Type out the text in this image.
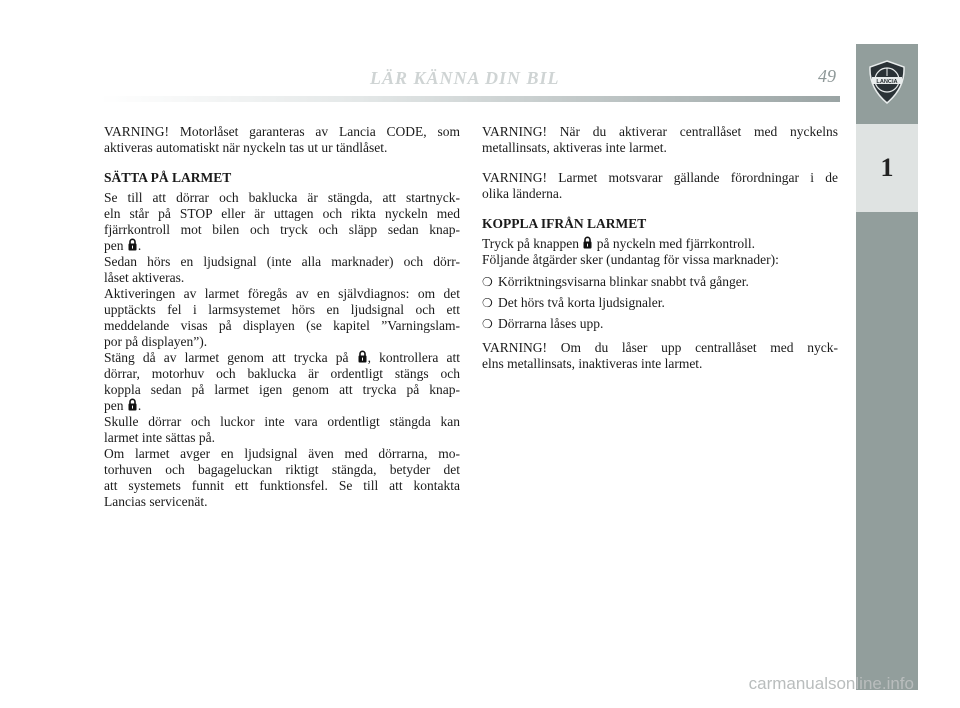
LÄR KÄNNA DIN BIL	49	LANCIA
1

VARNING! Motorlåset garanteras av Lancia CODE, som
aktiveras automatiskt när nyckeln tas ut ur tändlåset.

SÄTTA PÅ LARMET

Se till att dörrar och baklucka är stängda, att startnyck-
eln står på STOP eller är uttagen och rikta nyckeln med
fjärrkontroll mot bilen och tryck och släpp sedan knap-
pen .
Sedan hörs en ljudsignal (inte alla marknader) och dörr-
låset aktiveras.
Aktiveringen av larmet föregås av en självdiagnos: om det
upptäckts fel i larmsystemet hörs en ljudsignal och ett
meddelande visas på displayen (se kapitel ”Varningslam-
por på displayen”).
Stäng då av larmet genom att trycka på , kontrollera att
dörrar, motorhuv och baklucka är ordentligt stängs och
koppla sedan på larmet igen genom att trycka på knap-
pen .
Skulle dörrar och luckor inte vara ordentligt stängda kan
larmet inte sättas på.
Om larmet avger en ljudsignal även med dörrarna, mo-
torhuven och bagageluckan riktigt stängda, betyder det
att systemets funnit ett funktionsfel. Se till att kontakta
Lancias servicenät.

VARNING! När du aktiverar centrallåset med nyckelns
metallinsats, aktiveras inte larmet.

VARNING! Larmet motsvarar gällande förordningar i de
olika länderna.

KOPPLA IFRÅN LARMET

Tryck på knappen på nyckeln med fjärrkontroll.
Följande åtgärder sker (undantag för vissa marknader):

❍ Körriktningsvisarna blinkar snabbt två gånger.
❍ Det hörs två korta ljudsignaler.
❍ Dörrarna låses upp.

VARNING! Om du låser upp centrallåset med nyck-
elns metallinsats, inaktiveras inte larmet.

carmanualsonline.info
